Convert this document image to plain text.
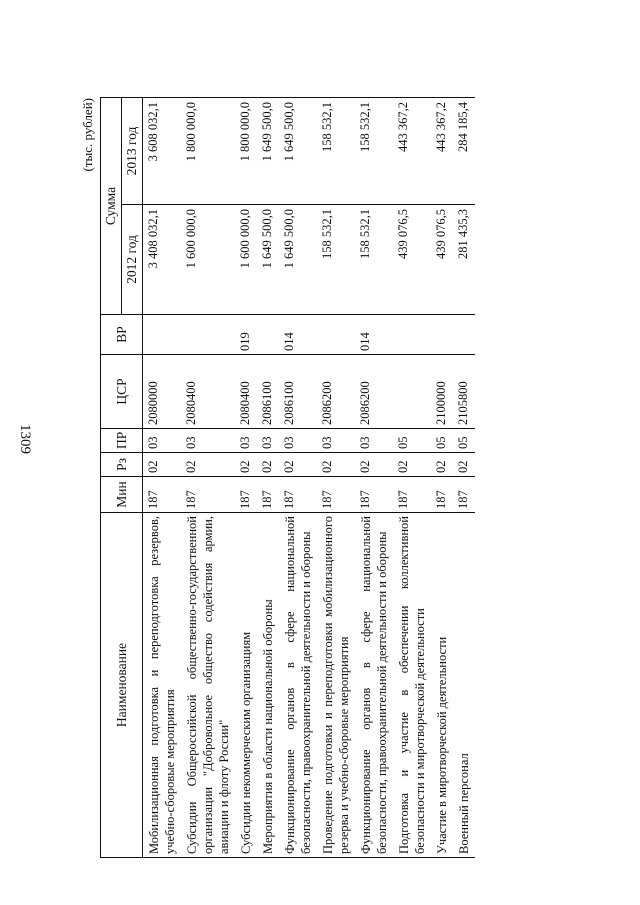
1309
(тыс. рублей)
Наименование	Мин	Рз	ПР	ЦСР	ВР	Сумма	
						2012 год	2013 год
Мобилизационная подготовка и переподготовка резервов, учебно-сборовые мероприятия	187	02	03	2080000		3 408 032,1	3 608 032,1
Субсидии Общероссийской общественно-государственной организации "Добровольное общество содействия армии, авиации и флоту России"	187	02	03	2080400		1 600 000,0	1 800 000,0
Субсидии некоммерческим организациям	187	02	03	2080400	019	1 600 000,0	1 800 000,0
Мероприятия в области национальной обороны	187	02	03	2086100		1 649 500,0	1 649 500,0
Функционирование органов в сфере национальной безопасности, правоохранительной деятельности и обороны	187	02	03	2086100	014	1 649 500,0	1 649 500,0
Проведение подготовки и переподготовки мобилизационного резерва и учебно-сборовые мероприятия	187	02	03	2086200		158 532,1	158 532,1
Функционирование органов в сфере национальной безопасности, правоохранительной деятельности и обороны	187	02	03	2086200	014	158 532,1	158 532,1
Подготовка и участие в обеспечении коллективной безопасности и миротворческой деятельности	187	02	05			439 076,5	443 367,2
Участие в миротворческой деятельности	187	02	05	2100000		439 076,5	443 367,2
Военный персонал	187	02	05	2105800		281 435,3	284 185,4
